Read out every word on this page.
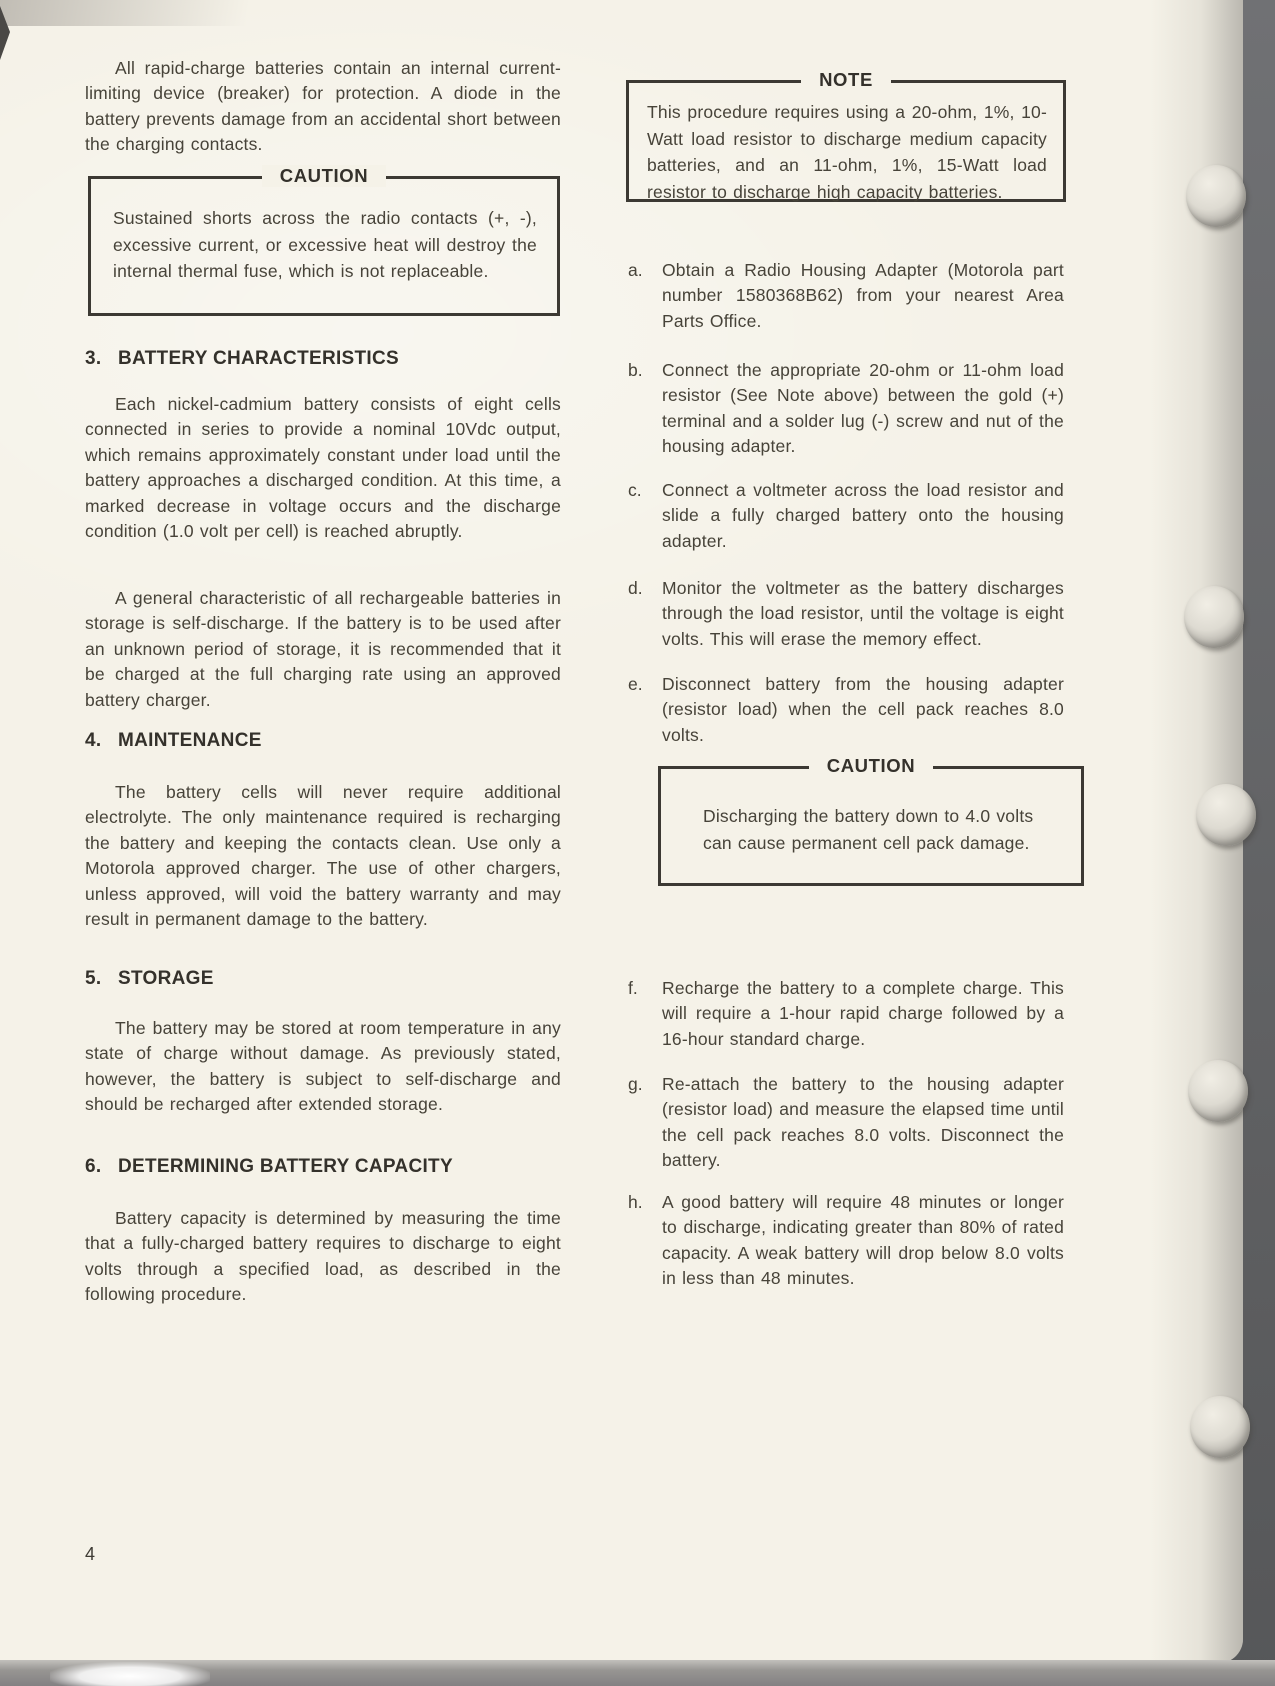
All rapid-charge batteries contain an internal current-limiting device (breaker) for protection. A diode in the battery prevents damage from an accidental short between the charging contacts.
CAUTION
Sustained shorts across the radio contacts (+, -), excessive current, or excessive heat will destroy the internal thermal fuse, which is not replaceable.
3. BATTERY CHARACTERISTICS
Each nickel-cadmium battery consists of eight cells connected in series to provide a nominal 10Vdc output, which remains approximately constant under load until the battery approaches a discharged condition. At this time, a marked decrease in voltage occurs and the discharge condition (1.0 volt per cell) is reached abruptly.
A general characteristic of all rechargeable batteries in storage is self-discharge. If the battery is to be used after an unknown period of storage, it is recommended that it be charged at the full charging rate using an approved battery charger.
4. MAINTENANCE
The battery cells will never require additional electrolyte. The only maintenance required is recharging the battery and keeping the contacts clean. Use only a Motorola approved charger. The use of other chargers, unless approved, will void the battery warranty and may result in permanent damage to the battery.
5. STORAGE
The battery may be stored at room temperature in any state of charge without damage. As previously stated, however, the battery is subject to self-discharge and should be recharged after extended storage.
6. DETERMINING BATTERY CAPACITY
Battery capacity is determined by measuring the time that a fully-charged battery requires to discharge to eight volts through a specified load, as described in the following procedure.
4
NOTE
This procedure requires using a 20-ohm, 1%, 10-Watt load resistor to discharge medium capacity batteries, and an 11-ohm, 1%, 15-Watt load resistor to discharge high capacity batteries.
a.	Obtain a Radio Housing Adapter (Motorola part number 1580368B62) from your nearest Area Parts Office.
b.	Connect the appropriate 20-ohm or 11-ohm load resistor (See Note above) between the gold (+) terminal and a solder lug (-) screw and nut of the housing adapter.
c.	Connect a voltmeter across the load resistor and slide a fully charged battery onto the housing adapter.
d.	Monitor the voltmeter as the battery discharges through the load resistor, until the voltage is eight volts. This will erase the memory effect.
e.	Disconnect battery from the housing adapter (resistor load) when the cell pack reaches 8.0 volts.
CAUTION
Discharging the battery down to 4.0 volts can cause permanent cell pack damage.
f.	Recharge the battery to a complete charge. This will require a 1-hour rapid charge followed by a 16-hour standard charge.
g.	Re-attach the battery to the housing adapter (resistor load) and measure the elapsed time until the cell pack reaches 8.0 volts. Disconnect the battery.
h.	A good battery will require 48 minutes or longer to discharge, indicating greater than 80% of rated capacity. A weak battery will drop below 8.0 volts in less than 48 minutes.
